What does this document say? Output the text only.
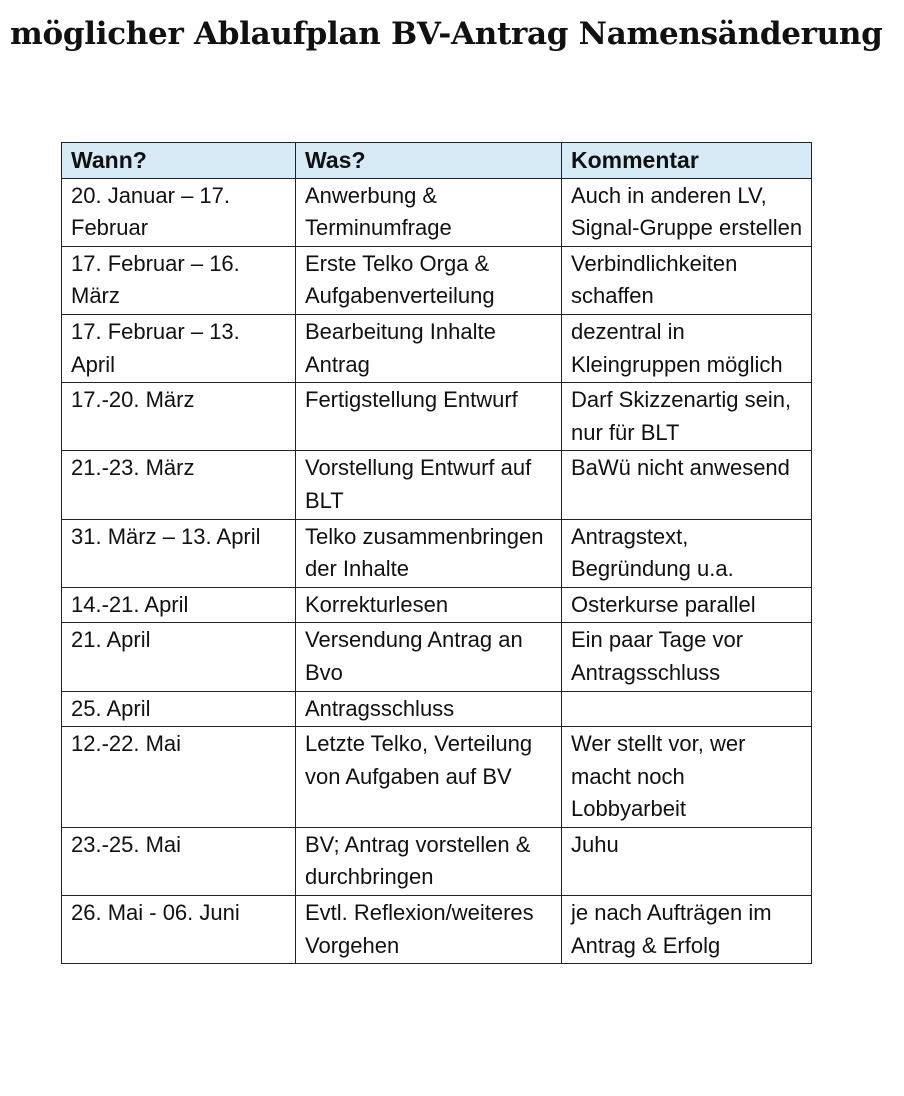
möglicher Ablaufplan BV-Antrag Namensänderung
Wann?	Was?	Kommentar
20. Januar – 17. Februar	Anwerbung & Terminumfrage	Auch in anderen LV, Signal-Gruppe erstellen
17. Februar – 16. März	Erste Telko Orga & Aufgabenverteilung	Verbindlichkeiten schaffen
17. Februar – 13. April	Bearbeitung Inhalte Antrag	dezentral in Kleingruppen möglich
17.-20. März	Fertigstellung Entwurf	Darf Skizzenartig sein, nur für BLT
21.-23. März	Vorstellung Entwurf auf BLT	BaWü nicht anwesend
31. März – 13. April	Telko zusammenbringen der Inhalte	Antragstext, Begründung u.a.
14.-21. April	Korrekturlesen	Osterkurse parallel
21. April	Versendung Antrag an Bvo	Ein paar Tage vor Antragsschluss
25. April	Antragsschluss	
12.-22. Mai	Letzte Telko, Verteilung von Aufgaben auf BV	Wer stellt vor, wer macht noch Lobbyarbeit
23.-25. Mai	BV; Antrag vorstellen & durchbringen	Juhu
26. Mai - 06. Juni	Evtl. Reflexion/weiteres Vorgehen	je nach Aufträgen im Antrag & Erfolg
